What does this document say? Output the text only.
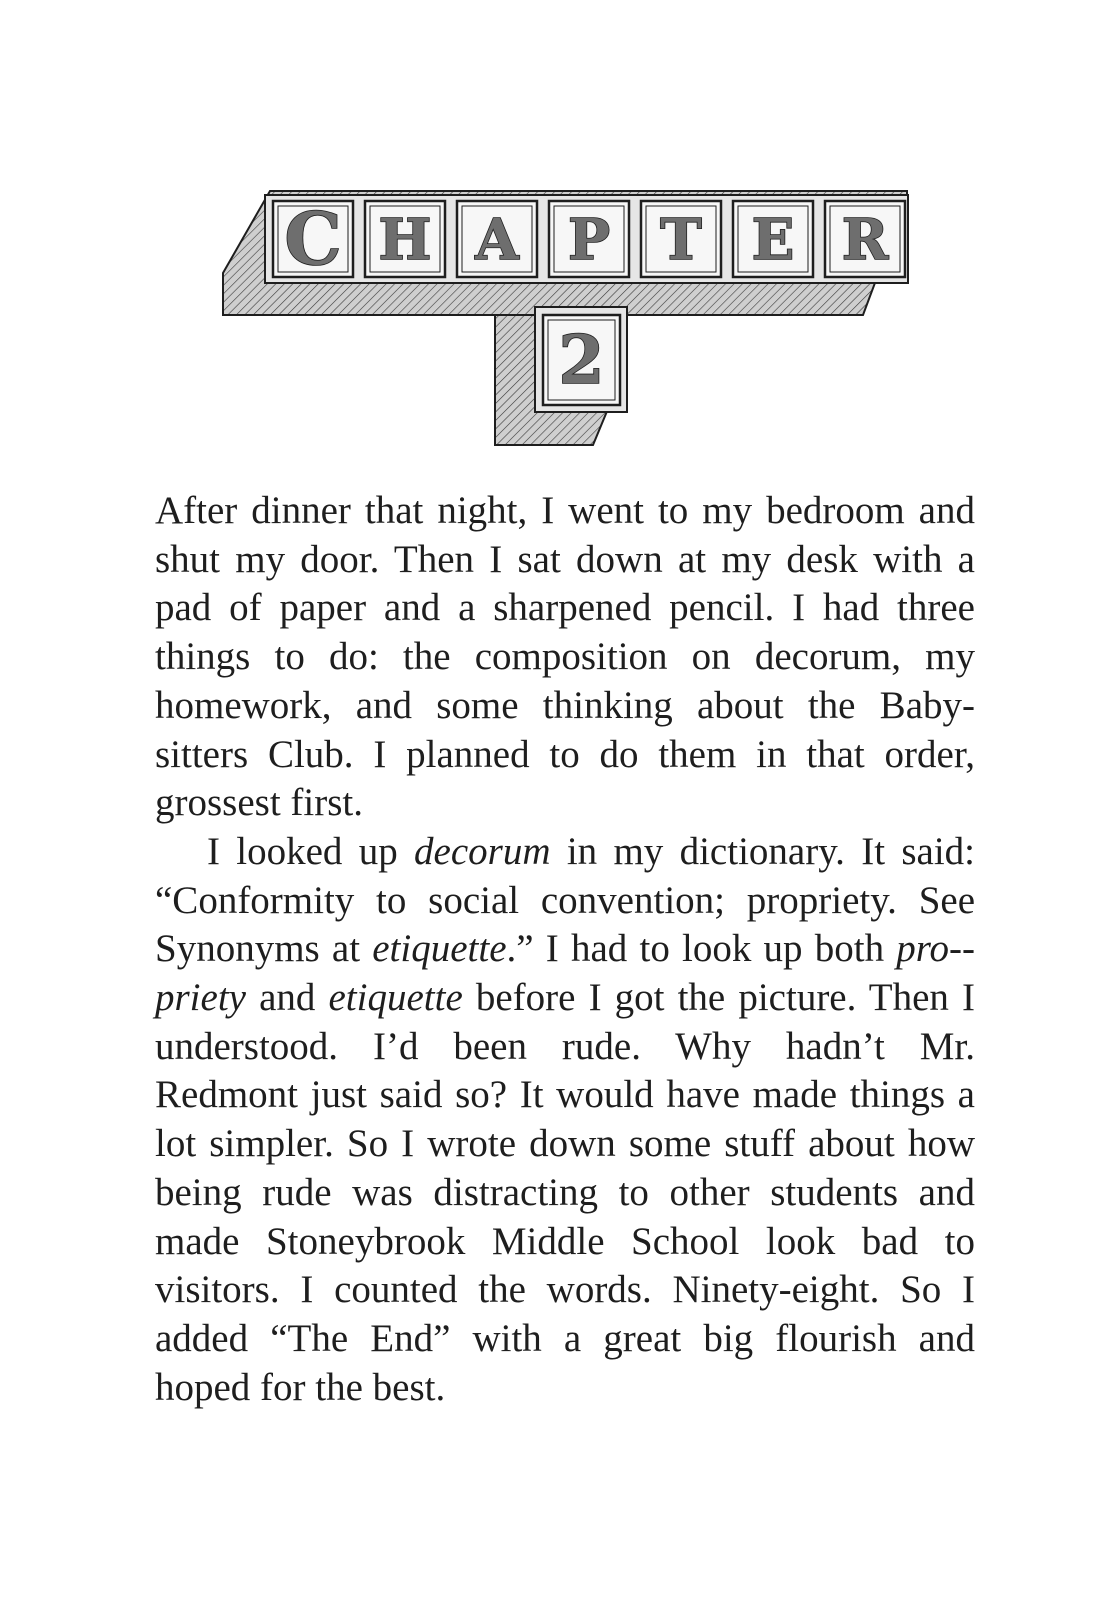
C H A P T E R
2

After dinner that night, I went to my bedroom and shut my door. Then I sat down at my desk with a pad of paper and a sharpened pencil. I had three things to do: the composition on decorum, my homework, and some thinking about the Baby-sitters Club. I planned to do them in that order, grossest first.

I looked up decorum in my dictionary. It said: “Conformity to social convention; propriety. See Synonyms at etiquette.” I had to look up both pro-priety and etiquette before I got the picture. Then I understood. I’d been rude. Why hadn’t Mr. Redmont just said so? It would have made things a lot simpler. So I wrote down some stuff about how being rude was distracting to other students and made Stoneybrook Middle School look bad to visitors. I counted the words. Ninety-eight. So I added “The End” with a great big flourish and hoped for the best.
